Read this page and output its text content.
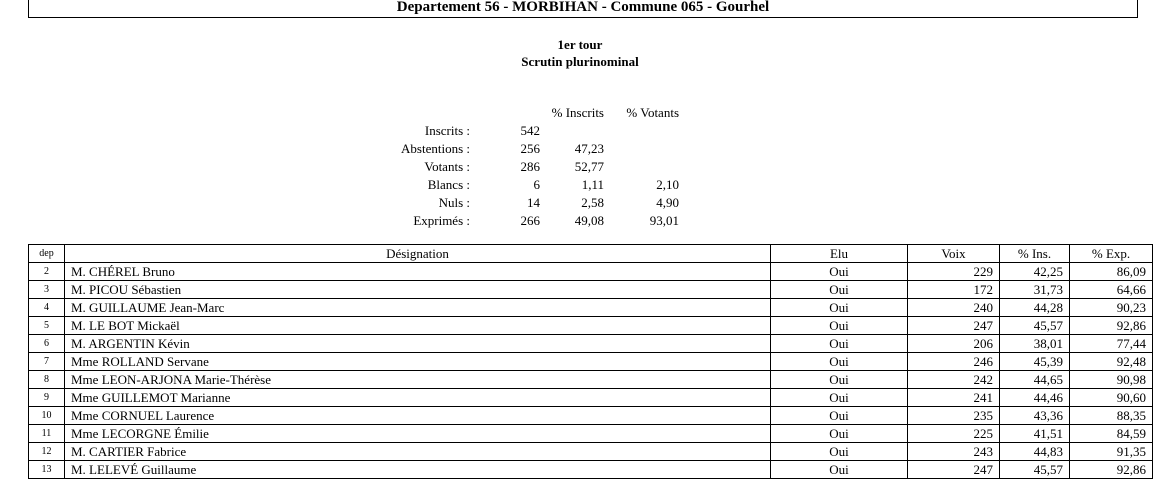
Departement 56 - MORBIHAN - Commune 065 - Gourhel
1er tour
Scrutin plurinominal
		% Inscrits	% Votants
Inscrits :	542		
Abstentions :	256	47,23	
Votants :	286	52,77	
Blancs :	6	1,11	2,10
Nuls :	14	2,58	4,90
Exprimés :	266	49,08	93,01
dep	Désignation	Elu	Voix	% Ins.	% Exp.
2	M. CHÉREL Bruno	Oui	229	42,25	86,09
3	M. PICOU Sébastien	Oui	172	31,73	64,66
4	M. GUILLAUME Jean-Marc	Oui	240	44,28	90,23
5	M. LE BOT Mickaël	Oui	247	45,57	92,86
6	M. ARGENTIN Kévin	Oui	206	38,01	77,44
7	Mme ROLLAND Servane	Oui	246	45,39	92,48
8	Mme LEON-ARJONA Marie-Thérèse	Oui	242	44,65	90,98
9	Mme GUILLEMOT Marianne	Oui	241	44,46	90,60
10	Mme CORNUEL Laurence	Oui	235	43,36	88,35
11	Mme LECORGNE Émilie	Oui	225	41,51	84,59
12	M. CARTIER Fabrice	Oui	243	44,83	91,35
13	M. LELEVÉ Guillaume	Oui	247	45,57	92,86
